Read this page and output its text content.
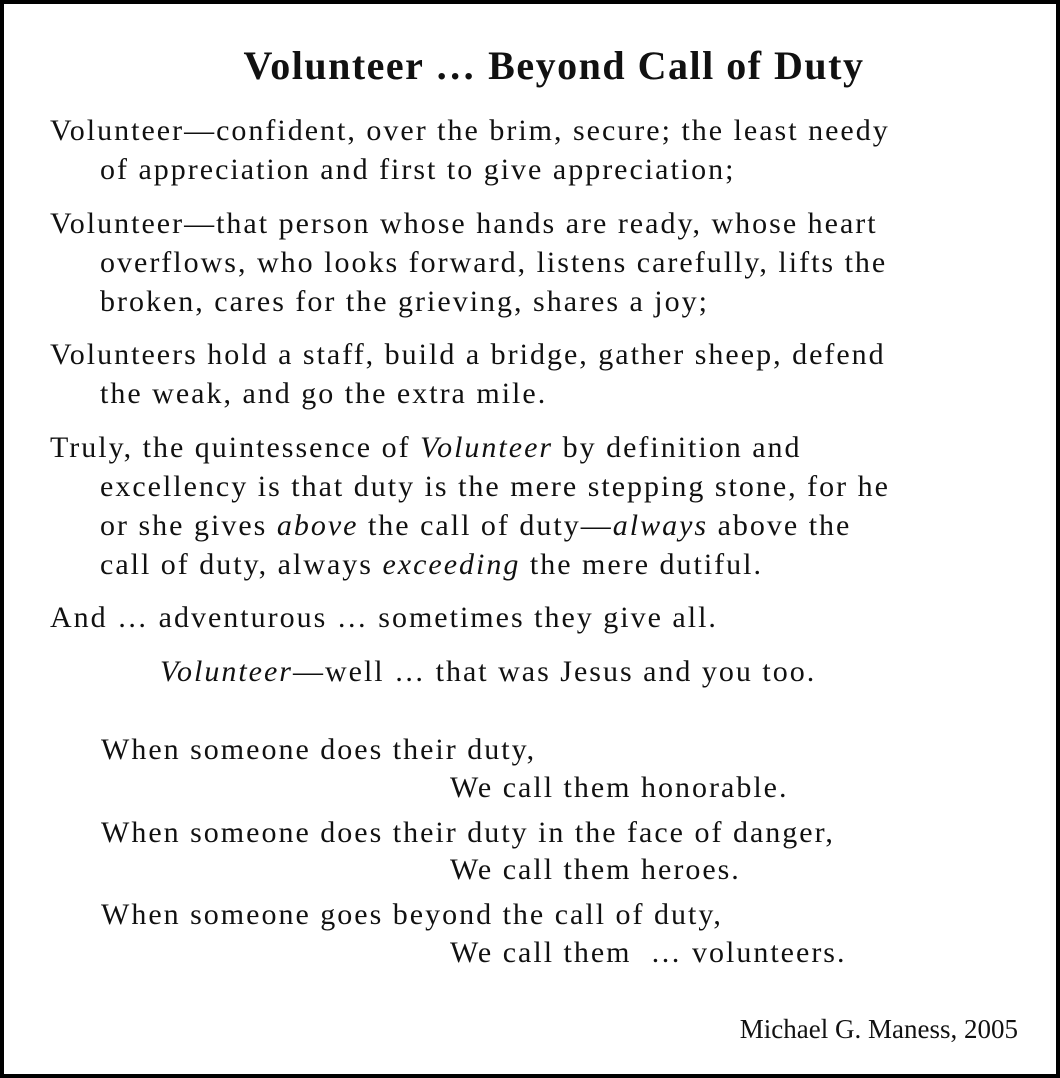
Volunteer … Beyond Call of Duty

Volunteer—confident, over the brim, secure; the least needy
of appreciation and first to give appreciation;

Volunteer—that person whose hands are ready, whose heart
overflows, who looks forward, listens carefully, lifts the
broken, cares for the grieving, shares a joy;

Volunteers hold a staff, build a bridge, gather sheep, defend
the weak, and go the extra mile.

Truly, the quintessence of Volunteer by definition and
excellency is that duty is the mere stepping stone, for he
or she gives above the call of duty—always above the
call of duty, always exceeding the mere dutiful.

And … adventurous … sometimes they give all.

Volunteer—well … that was Jesus and you too.

When someone does their duty,

We call them honorable.

When someone does their duty in the face of danger,

We call them heroes.

When someone goes beyond the call of duty,

We call them  … volunteers.

Michael G. Maness, 2005
